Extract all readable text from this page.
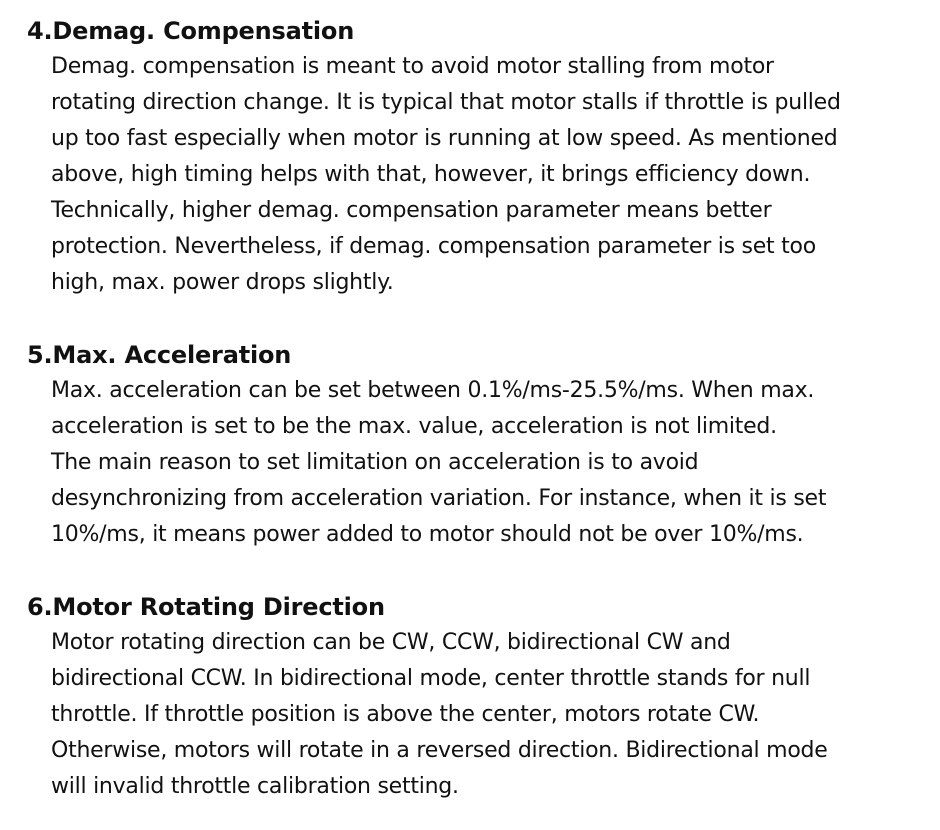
4.Demag. Compensation
Demag. compensation is meant to avoid motor stalling from motor
rotating direction change. It is typical that motor stalls if throttle is pulled
up too fast especially when motor is running at low speed. As mentioned
above, high timing helps with that, however, it brings efficiency down.
Technically, higher demag. compensation parameter means better
protection. Nevertheless, if demag. compensation parameter is set too
high, max. power drops slightly.
5.Max. Acceleration
Max. acceleration can be set between 0.1%/ms-25.5%/ms. When max.
acceleration is set to be the max. value, acceleration is not limited.
The main reason to set limitation on acceleration is to avoid
desynchronizing from acceleration variation. For instance, when it is set
10%/ms, it means power added to motor should not be over 10%/ms.
6.Motor Rotating Direction
Motor rotating direction can be CW, CCW, bidirectional CW and
bidirectional CCW. In bidirectional mode, center throttle stands for null
throttle. If throttle position is above the center, motors rotate CW.
Otherwise, motors will rotate in a reversed direction. Bidirectional mode
will invalid throttle calibration setting.
